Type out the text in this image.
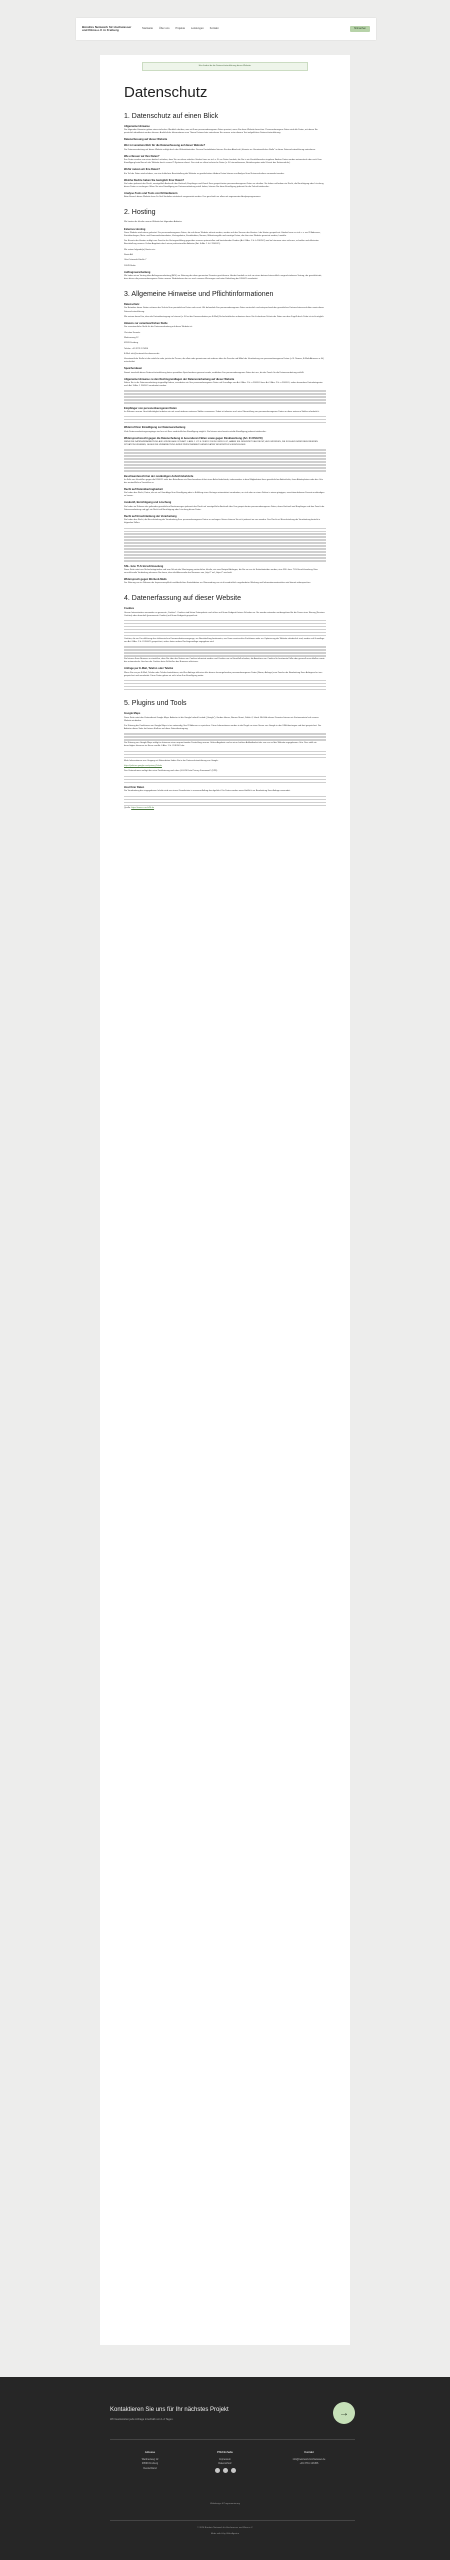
Bündnis Netzwerk für Hochwasser und Klima e.V. in Freiberg	Startseite Über uns Projekte Leistungen Kontakt	Mitmachen
Hier findest du die Datenschutzerklärung dieser Website.
Datenschutz
1. Datenschutz auf einen Blick
Allgemeine Hinweise

Die folgenden Hinweise geben einen einfachen Überblick darüber, was mit Ihren personenbezogenen Daten passiert, wenn Sie diese Website besuchen. Personenbezogene Daten sind alle Daten, mit denen Sie persönlich identifiziert werden können. Ausführliche Informationen zum Thema Datenschutz entnehmen Sie unserer unter diesem Text aufgeführten Datenschutzerklärung.

Datenerfassung auf dieser Website
Wer ist verantwortlich für die Datenerfassung auf dieser Website?

Die Datenverarbeitung auf dieser Website erfolgt durch den Websitebetreiber. Dessen Kontaktdaten können Sie dem Abschnitt „Hinweis zur Verantwortlichen Stelle“ in dieser Datenschutzerklärung entnehmen.

Wie erfassen wir Ihre Daten?

Ihre Daten werden zum einen dadurch erhoben, dass Sie uns diese mitteilen. Hierbei kann es sich z. B. um Daten handeln, die Sie in ein Kontaktformular eingeben. Andere Daten werden automatisch oder nach Ihrer Einwilligung beim Besuch der Website durch unsere IT-Systeme erfasst. Das sind vor allem technische Daten (z. B. Internetbrowser, Betriebssystem oder Uhrzeit des Seitenaufrufs).

Wofür nutzen wir Ihre Daten?

Ein Teil der Daten wird erhoben, um eine fehlerfreie Bereitstellung der Website zu gewährleisten. Andere Daten können zur Analyse Ihres Nutzerverhaltens verwendet werden.

Welche Rechte haben Sie bezüglich Ihrer Daten?

Sie haben jederzeit das Recht, unentgeltlich Auskunft über Herkunft, Empfänger und Zweck Ihrer gespeicherten personenbezogenen Daten zu erhalten. Sie haben außerdem ein Recht, die Berichtigung oder Löschung dieser Daten zu verlangen. Wenn Sie eine Einwilligung zur Datenverarbeitung erteilt haben, können Sie diese Einwilligung jederzeit für die Zukunft widerrufen.

Analyse-Tools und Tools von Drittanbietern

Beim Besuch dieser Website kann Ihr Surf-Verhalten statistisch ausgewertet werden. Das geschieht vor allem mit sogenannten Analyseprogrammen.

2. Hosting

Wir hosten die Inhalte unserer Website bei folgendem Anbieter:

Externes Hosting

Diese Website wird extern gehostet. Die personenbezogenen Daten, die auf dieser Website erfasst werden, werden auf den Servern des Hosters / der Hoster gespeichert. Hierbei kann es sich v. a. um IP-Adressen, Kontaktanfragen, Meta- und Kommunikationsdaten, Vertragsdaten, Kontaktdaten, Namen, Websitezugriffe und sonstige Daten, die über eine Website generiert werden, handeln.

Der Einsatz des Hosters erfolgt zum Zwecke der Vertragserfüllung gegenüber unseren potenziellen und bestehenden Kunden (Art. 6 Abs. 1 lit. b DSGVO) und im Interesse einer sicheren, schnellen und effizienten Bereitstellung unseres Online-Angebots durch einen professionellen Anbieter (Art. 6 Abs. 1 lit. f DSGVO).

Wir setzen folgende(n) Hoster ein:

Strato AG

Otto-Ostrowski-Straße 7

10249 Berlin

Auftragsverarbeitung

Wir haben einen Vertrag über Auftragsverarbeitung (AVV) zur Nutzung des oben genannten Dienstes geschlossen. Hierbei handelt es sich um einen datenschutzrechtlich vorgeschriebenen Vertrag, der gewährleistet, dass dieser die personenbezogenen Daten unserer Websitebesucher nur nach unseren Weisungen und unter Einhaltung der DSGVO verarbeitet.

3. Allgemeine Hinweise und Pflichtinformationen
Datenschutz

Die Betreiber dieser Seiten nehmen den Schutz Ihrer persönlichen Daten sehr ernst. Wir behandeln Ihre personenbezogenen Daten vertraulich und entsprechend den gesetzlichen Datenschutzvorschriften sowie dieser Datenschutzerklärung.

Wir weisen darauf hin, dass die Datenübertragung im Internet (z. B. bei der Kommunikation per E-Mail) Sicherheitslücken aufweisen kann. Ein lückenloser Schutz der Daten vor dem Zugriff durch Dritte ist nicht möglich.

Hinweis zur verantwortlichen Stelle

Die verantwortliche Stelle für die Datenverarbeitung auf dieser Website ist:

Christian Kemnitz

Wettinerweg 12

09599 Freiberg

Telefon: +49 3731 123456

E-Mail: info@netzwerk-hochwasser.de

Verantwortliche Stelle ist die natürliche oder juristische Person, die allein oder gemeinsam mit anderen über die Zwecke und Mittel der Verarbeitung von personenbezogenen Daten (z. B. Namen, E-Mail-Adressen o. Ä.) entscheidet.

Speicherdauer

Soweit innerhalb dieser Datenschutzerklärung keine speziellere Speicherdauer genannt wurde, verbleiben Ihre personenbezogenen Daten bei uns, bis der Zweck für die Datenverarbeitung entfällt.

Allgemeine Hinweise zu den Rechtsgrundlagen der Datenverarbeitung auf dieser Website

Sofern Sie in die Datenverarbeitung eingewilligt haben, verarbeiten wir Ihre personenbezogenen Daten auf Grundlage von Art. 6 Abs. 1 lit. a DSGVO bzw. Art. 9 Abs. 2 lit. a DSGVO, sofern besondere Datenkategorien nach Art. 9 Abs. 1 DSGVO verarbeitet werden.

Empfänger von personenbezogenen Daten

Im Rahmen unserer Geschäftstätigkeit arbeiten wir mit verschiedenen externen Stellen zusammen. Dabei ist teilweise auch eine Übermittlung von personenbezogenen Daten an diese externen Stellen erforderlich.

Widerruf Ihrer Einwilligung zur Datenverarbeitung

Viele Datenverarbeitungsvorgänge sind nur mit Ihrer ausdrücklichen Einwilligung möglich. Sie können eine bereits erteilte Einwilligung jederzeit widerrufen.

Widerspruchsrecht gegen die Datenerhebung in besonderen Fällen sowie gegen Direktwerbung (Art. 21 DSGVO)

WENN DIE DATENVERARBEITUNG AUF GRUNDLAGE VON ART. 6 ABS. 1 LIT. E ODER F DSGVO ERFOLGT, HABEN SIE JEDERZEIT DAS RECHT, AUS GRÜNDEN, DIE SICH AUS IHRER BESONDEREN SITUATION ERGEBEN, GEGEN DIE VERARBEITUNG IHRER PERSONENBEZOGENEN DATEN WIDERSPRUCH EINZULEGEN.

Beschwerderecht bei der zuständigen Aufsichtsbehörde

Im Falle von Verstößen gegen die DSGVO steht den Betroffenen ein Beschwerderecht bei einer Aufsichtsbehörde, insbesondere in dem Mitgliedstaat ihres gewöhnlichen Aufenthalts, ihres Arbeitsplatzes oder des Orts des mutmaßlichen Verstoßes zu.

Recht auf Datenübertragbarkeit

Sie haben das Recht, Daten, die wir auf Grundlage Ihrer Einwilligung oder in Erfüllung eines Vertrags automatisiert verarbeiten, an sich oder an einen Dritten in einem gängigen, maschinenlesbaren Format aushändigen zu lassen.

Auskunft, Berichtigung und Löschung

Sie haben im Rahmen der geltenden gesetzlichen Bestimmungen jederzeit das Recht auf unentgeltliche Auskunft über Ihre gespeicherten personenbezogenen Daten, deren Herkunft und Empfänger und den Zweck der Datenverarbeitung und ggf. ein Recht auf Berichtigung oder Löschung dieser Daten.

Recht auf Einschränkung der Verarbeitung

Sie haben das Recht, die Einschränkung der Verarbeitung Ihrer personenbezogenen Daten zu verlangen. Hierzu können Sie sich jederzeit an uns wenden. Das Recht auf Einschränkung der Verarbeitung besteht in folgenden Fällen:

SSL- bzw. TLS-Verschlüsselung

Diese Seite nutzt aus Sicherheitsgründen und zum Schutz der Übertragung vertraulicher Inhalte, wie zum Beispiel Anfragen, die Sie an uns als Seitenbetreiber senden, eine SSL- bzw. TLS-Verschlüsselung. Eine verschlüsselte Verbindung erkennen Sie daran, dass die Adresszeile des Browsers von „http://“ auf „https://“ wechselt.

Widerspruch gegen Werbe-E-Mails

Der Nutzung von im Rahmen der Impressumspflicht veröffentlichten Kontaktdaten zur Übersendung von nicht ausdrücklich angeforderter Werbung und Informationsmaterialien wird hiermit widersprochen.

4. Datenerfassung auf dieser Website
Cookies

Unsere Internetseiten verwenden so genannte „Cookies“. Cookies sind kleine Datenpakete und richten auf Ihrem Endgerät keinen Schaden an. Sie werden entweder vorübergehend für die Dauer einer Sitzung (Session-Cookies) oder dauerhaft (permanente Cookies) auf Ihrem Endgerät gespeichert.

Cookies, die zur Durchführung des elektronischen Kommunikationsvorgangs, zur Bereitstellung bestimmter, von Ihnen erwünschter Funktionen oder zur Optimierung der Website erforderlich sind, werden auf Grundlage von Art. 6 Abs. 1 lit. f DSGVO gespeichert, sofern keine andere Rechtsgrundlage angegeben wird.

Sie können Ihren Browser so einstellen, dass Sie über das Setzen von Cookies informiert werden und Cookies nur im Einzelfall erlauben, die Annahme von Cookies für bestimmte Fälle oder generell ausschließen sowie das automatische Löschen der Cookies beim Schließen des Browsers aktivieren.

Anfrage per E-Mail, Telefon oder Telefax

Wenn Sie uns per E-Mail, Telefon oder Telefax kontaktieren, wird Ihre Anfrage inklusive aller daraus hervorgehenden personenbezogenen Daten (Name, Anfrage) zum Zwecke der Bearbeitung Ihres Anliegens bei uns gespeichert und verarbeitet. Diese Daten geben wir nicht ohne Ihre Einwilligung weiter.

5. Plugins und Tools
Google Maps

Diese Seite nutzt den Kartendienst Google Maps. Anbieter ist die Google Ireland Limited („Google“), Gordon House, Barrow Street, Dublin 4, Irland. Mit Hilfe dieses Dienstes können wir Kartenmaterial auf unserer Website einbinden.

Zur Nutzung der Funktionen von Google Maps ist es notwendig, Ihre IP-Adresse zu speichern. Diese Informationen werden in der Regel an einen Server von Google in den USA übertragen und dort gespeichert. Der Anbieter dieser Seite hat keinen Einfluss auf diese Datenübertragung.

Die Nutzung von Google Maps erfolgt im Interesse einer ansprechenden Darstellung unserer Online-Angebote und an einer leichten Auffindbarkeit der von uns auf der Website angegebenen Orte. Dies stellt ein berechtigtes Interesse im Sinne von Art. 6 Abs. 1 lit. f DSGVO dar.

Mehr Informationen zum Umgang mit Nutzerdaten finden Sie in der Datenschutzerklärung von Google:

https://policies.google.com/privacy?hl=de

Das Unternehmen verfügt über eine Zertifizierung nach dem „EU-US Data Privacy Framework“ (DPF).

Host Ihrer Daten

Die Verarbeitung der eingegebenen Inhalte wird von einem Dienstleister in unserem Auftrag durchgeführt. Die Daten werden ausschließlich zur Bearbeitung Ihrer Anfrage verwendet.

Quelle: https://www.e-recht24.de

Kontaktieren Sie uns für Ihr nächstes Projekt
Wir beantworten jede Anfrage innerhalb von 1-2 Tagen.
→
Adresse
Wettinerweg 12
09599 Freiberg
Deutschland
Pflichtinhalte
Impressum
Datenschutz
Kontakt
info@netzwerk-hochwasser.de
+49 3731 123456
Webdesign & Programmierung
© 2024 Bündnis Netzwerk für Hochwasser und Klima e.V.
Made with ♥ by Web-Agentur
